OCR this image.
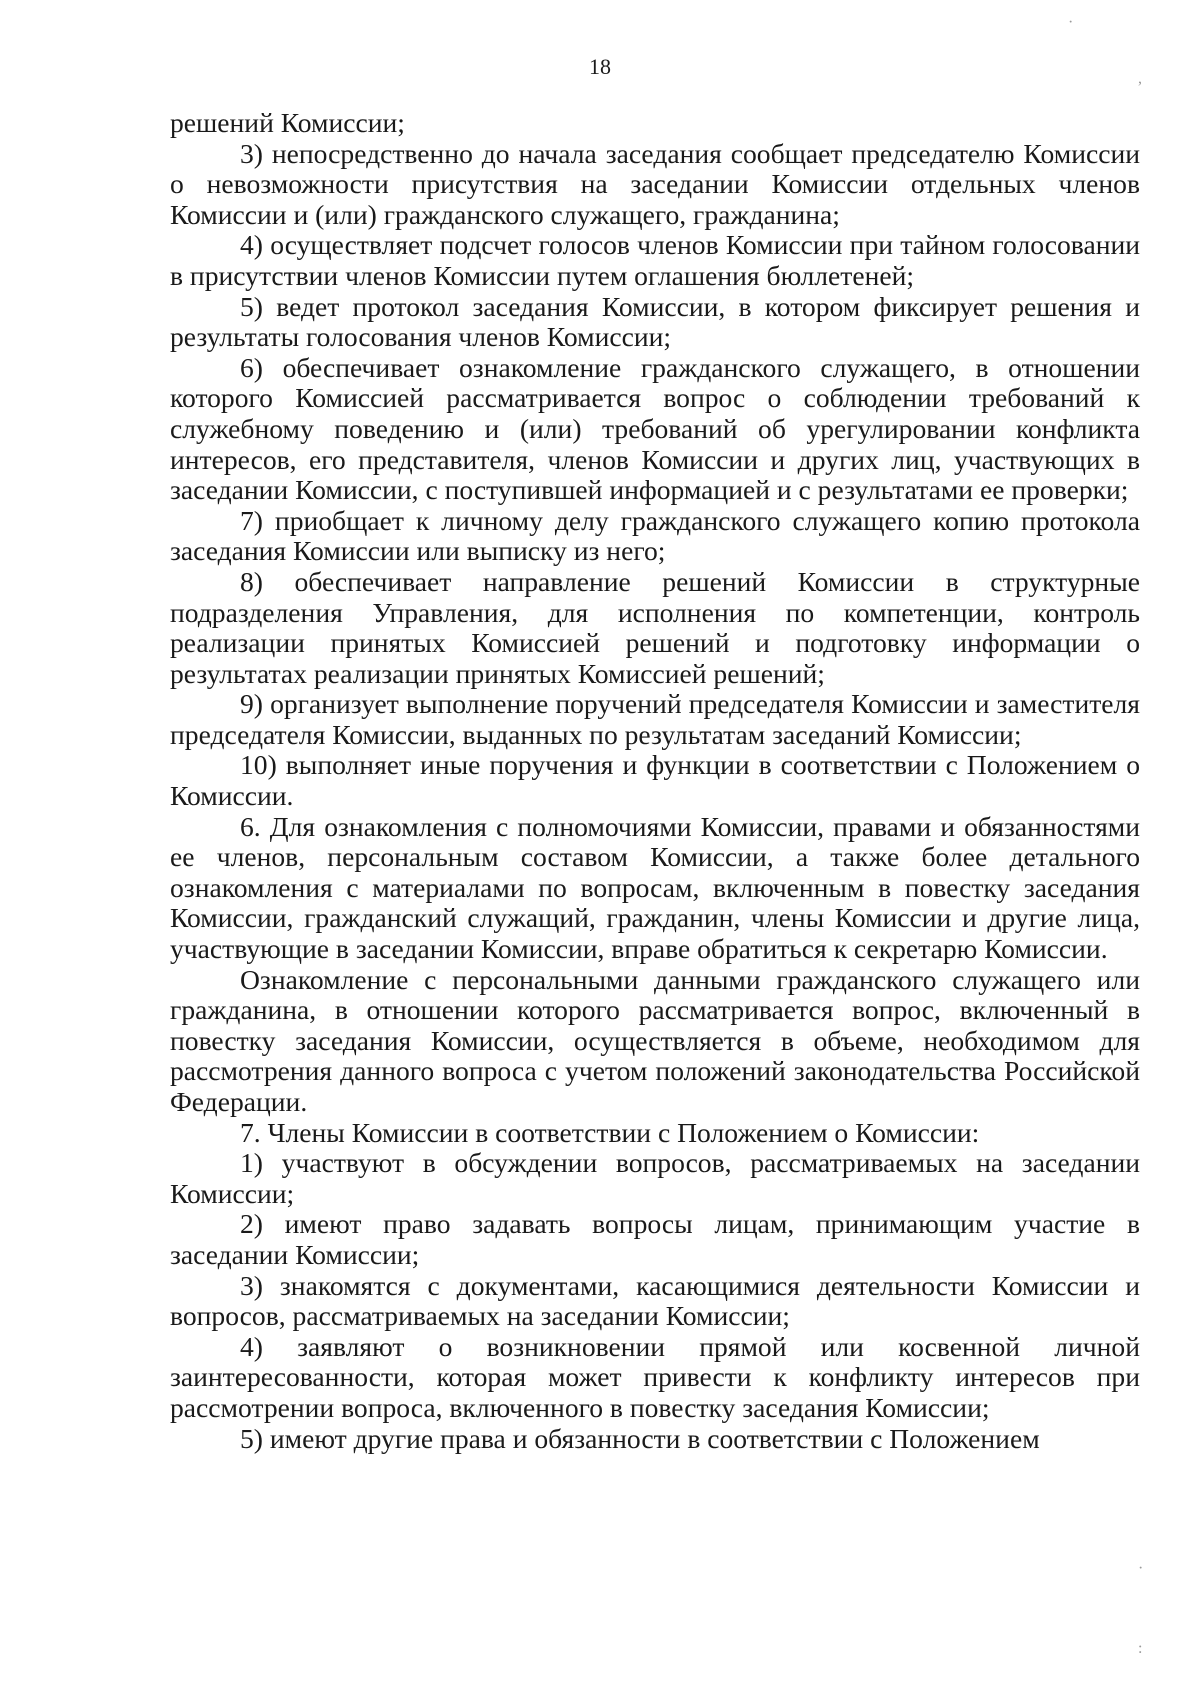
18

решений Комиссии;

3) непосредственно до начала заседания сообщает председателю Комиссии о невозможности присутствия на заседании Комиссии отдельных членов Комиссии и (или) гражданского служащего, гражданина;

4) осуществляет подсчет голосов членов Комиссии при тайном голосовании в присутствии членов Комиссии путем оглашения бюллетеней;

5) ведет протокол заседания Комиссии, в котором фиксирует решения и результаты голосования членов Комиссии;

6) обеспечивает ознакомление гражданского служащего, в отношении которого Комиссией рассматривается вопрос о соблюдении требований к служебному поведению и (или) требований об урегулировании конфликта интересов, его представителя, членов Комиссии и других лиц, участвующих в заседании Комиссии, с поступившей информацией и с результатами ее проверки;

7) приобщает к личному делу гражданского служащего копию протокола заседания Комиссии или выписку из него;

8) обеспечивает направление решений Комиссии в структурные подразделения Управления, для исполнения по компетенции, контроль реализации принятых Комиссией решений и подготовку информации о результатах реализации принятых Комиссией решений;

9) организует выполнение поручений председателя Комиссии и заместителя председателя Комиссии, выданных по результатам заседаний Комиссии;

10) выполняет иные поручения и функции в соответствии с Положением о Комиссии.

6. Для ознакомления с полномочиями Комиссии, правами и обязанностями ее членов, персональным составом Комиссии, а также более детального ознакомления с материалами по вопросам, включенным в повестку заседания Комиссии, гражданский служащий, гражданин, члены Комиссии и другие лица, участвующие в заседании Комиссии, вправе обратиться к секретарю Комиссии.

Ознакомление с персональными данными гражданского служащего или гражданина, в отношении которого рассматривается вопрос, включенный в повестку заседания Комиссии, осуществляется в объеме, необходимом для рассмотрения данного вопроса с учетом положений законодательства Российской Федерации.

7. Члены Комиссии в соответствии с Положением о Комиссии:

1) участвуют в обсуждении вопросов, рассматриваемых на заседании Комиссии;

2) имеют право задавать вопросы лицам, принимающим участие в заседании Комиссии;

3) знакомятся с документами, касающимися деятельности Комиссии и вопросов, рассматриваемых на заседании Комиссии;

4) заявляют о возникновении прямой или косвенной личной заинтересованности, которая может привести к конфликту интересов при рассмотрении вопроса, включенного в повестку заседания Комиссии;

5) имеют другие права и обязанности в соответствии с Положением

·
,
·
:
